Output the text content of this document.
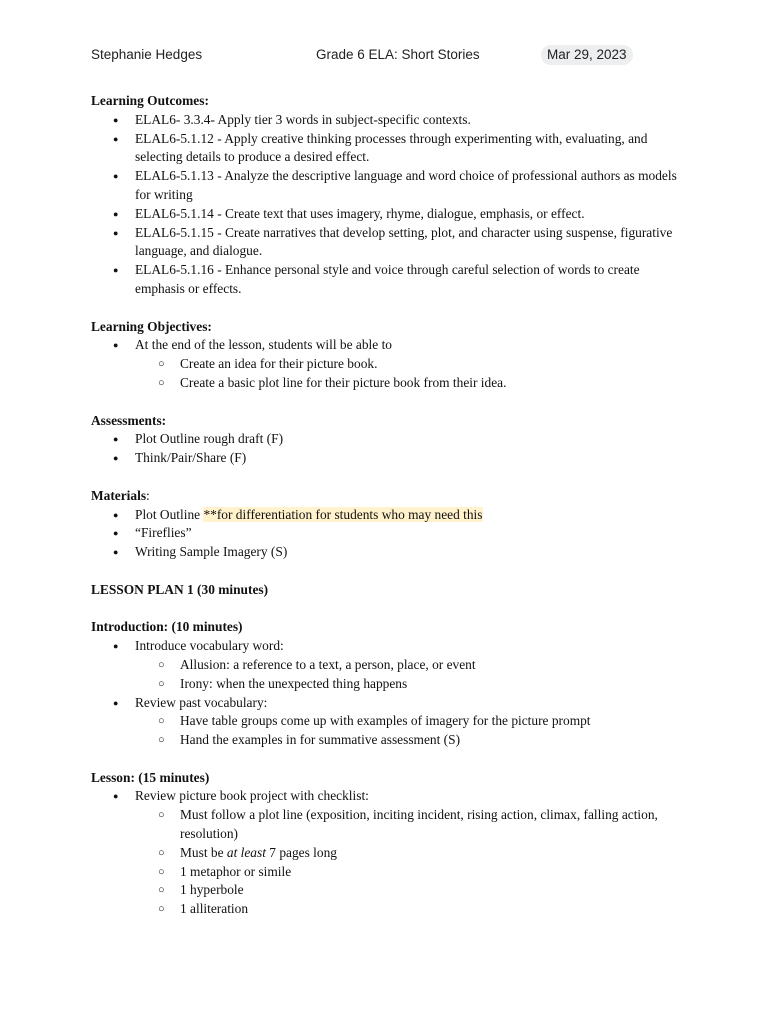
Stephanie Hedges	Grade 6 ELA: Short Stories	Mar 29, 2023
Learning Outcomes:
● ELAL6- 3.3.4- Apply tier 3 words in subject-specific contexts.
● ELAL6-5.1.12 - Apply creative thinking processes through experimenting with, evaluating, and selecting details to produce a desired effect.
● ELAL6-5.1.13 - Analyze the descriptive language and word choice of professional authors as models for writing
● ELAL6-5.1.14 - Create text that uses imagery, rhyme, dialogue, emphasis, or effect.
● ELAL6-5.1.15 - Create narratives that develop setting, plot, and character using suspense, figurative language, and dialogue.
● ELAL6-5.1.16 - Enhance personal style and voice through careful selection of words to create emphasis or effects.
Learning Objectives:
● At the end of the lesson, students will be able to
○ Create an idea for their picture book.
○ Create a basic plot line for their picture book from their idea.
Assessments:
● Plot Outline rough draft (F)
● Think/Pair/Share (F)
Materials:
● Plot Outline **for differentiation for students who may need this
● “Fireflies”
● Writing Sample Imagery (S)
LESSON PLAN 1 (30 minutes)
Introduction: (10 minutes)
● Introduce vocabulary word:
○ Allusion: a reference to a text, a person, place, or event
○ Irony: when the unexpected thing happens
● Review past vocabulary:
○ Have table groups come up with examples of imagery for the picture prompt
○ Hand the examples in for summative assessment (S)
Lesson: (15 minutes)
● Review picture book project with checklist:
○ Must follow a plot line (exposition, inciting incident, rising action, climax, falling action, resolution)
○ Must be at least 7 pages long
○ 1 metaphor or simile
○ 1 hyperbole
○ 1 alliteration
